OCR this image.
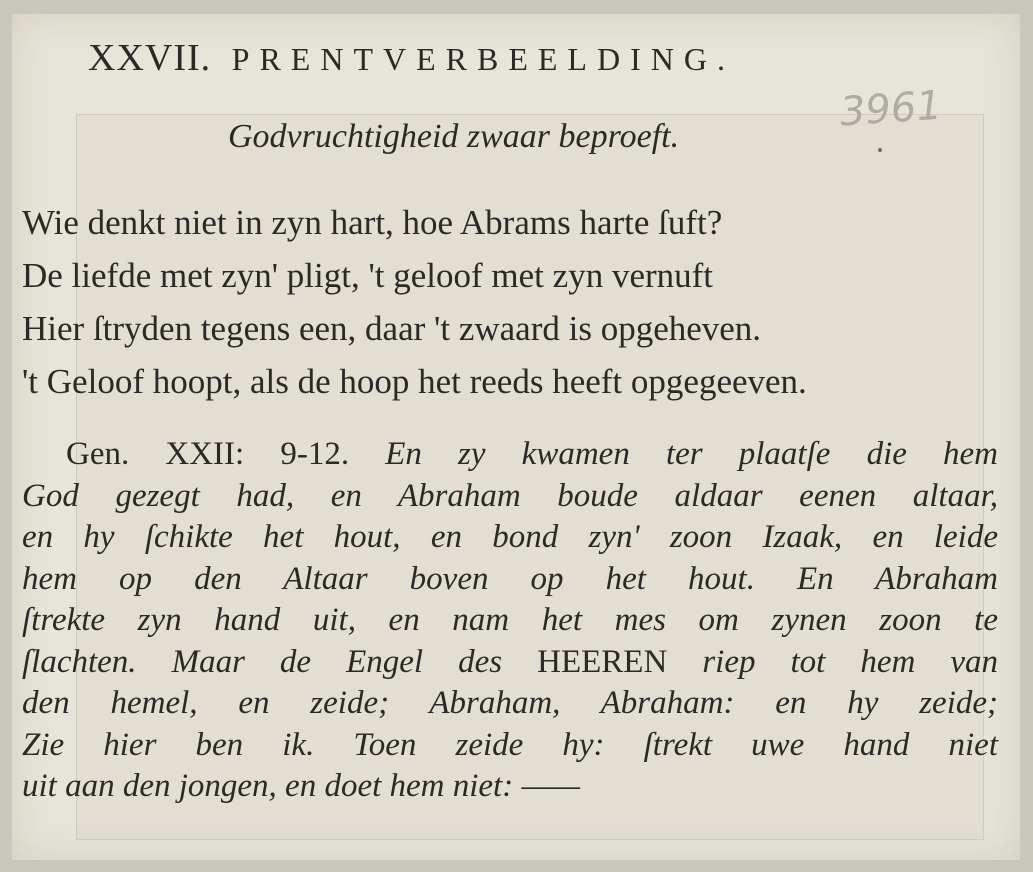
XXVII. PRENTVERBEELDING.
3961
Godvruchtigheid zwaar beproeft.
Wie denkt niet in zyn hart, hoe Abrams harte ſuft?
De liefde met zyn' pligt, 't geloof met zyn vernuft
Hier ſtryden tegens een, daar 't zwaard is opgeheven.
't Geloof hoopt, als de hoop het reeds heeft opgegeeven.
Gen. XXII: 9-12. En zy kwamen ter plaatſe die hem
God gezegt had, en Abraham boude aldaar eenen altaar,
en hy ſchikte het hout, en bond zyn' zoon Izaak, en leide
hem op den Altaar boven op het hout. En Abraham
ſtrekte zyn hand uit, en nam het mes om zynen zoon te
ſlachten. Maar de Engel des HEEREN riep tot hem van
den hemel, en zeide; Abraham, Abraham: en hy zeide;
Zie hier ben ik. Toen zeide hy: ſtrekt uwe hand niet
uit aan den jongen, en doet hem niet: ——
